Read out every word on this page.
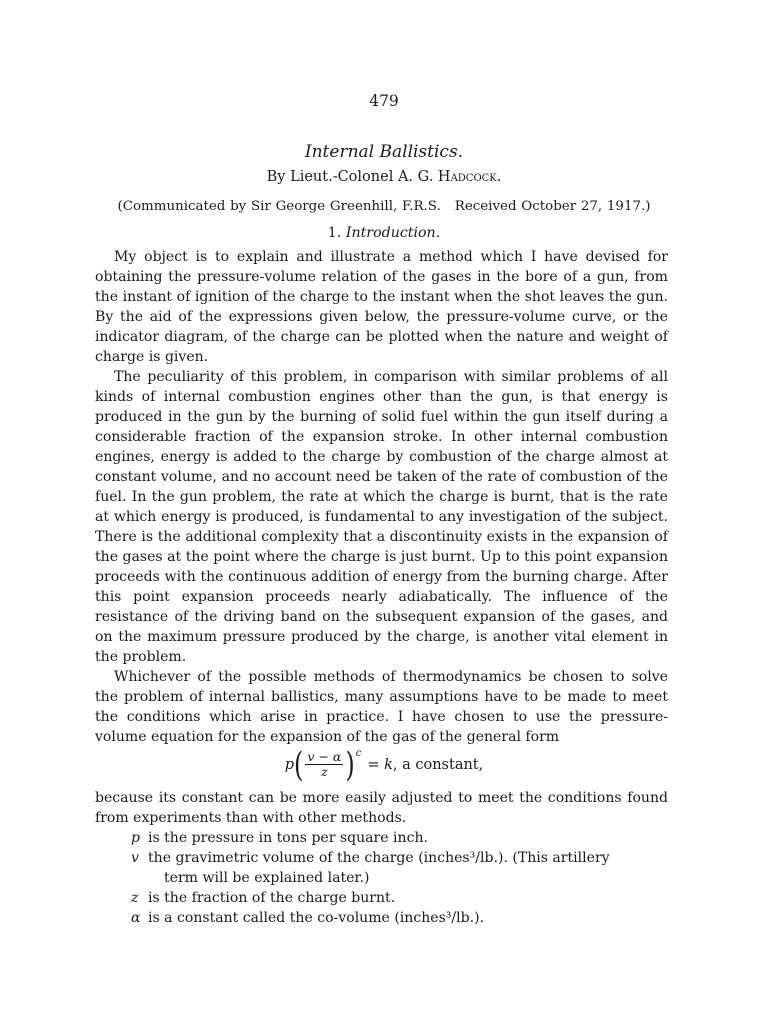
479
Internal Ballistics.
By Lieut.-Colonel A. G. Hadcock.
(Communicated by Sir George Greenhill, F.R.S. Received October 27, 1917.)
1. Introduction.

My object is to explain and illustrate a method which I have devised for obtaining the pressure-volume relation of the gases in the bore of a gun, from the instant of ignition of the charge to the instant when the shot leaves the gun. By the aid of the expressions given below, the pressure-volume curve, or the indicator diagram, of the charge can be plotted when the nature and weight of charge is given.

The peculiarity of this problem, in comparison with similar problems of all kinds of internal combustion engines other than the gun, is that energy is produced in the gun by the burning of solid fuel within the gun itself during a considerable fraction of the expansion stroke. In other internal combustion engines, energy is added to the charge by combustion of the charge almost at constant volume, and no account need be taken of the rate of combustion of the fuel. In the gun problem, the rate at which the charge is burnt, that is the rate at which energy is produced, is fundamental to any investigation of the subject. There is the additional complexity that a discontinuity exists in the expansion of the gases at the point where the charge is just burnt. Up to this point expansion proceeds with the continuous addition of energy from the burning charge. After this point expansion proceeds nearly adiabatically. The influence of the resistance of the driving band on the subsequent expansion of the gases, and on the maximum pressure produced by the charge, is another vital element in the problem.

Whichever of the possible methods of thermodynamics be chosen to solve the problem of internal ballistics, many assumptions have to be made to meet the conditions which arise in practice. I have chosen to use the pressure-volume equation for the expansion of the gas of the general form

p ( $\frac{v - \alpha}{z}$ ) c
= k, a constant,

because its constant can be more easily adjusted to meet the conditions found from experiments than with other methods.

p is the pressure in tons per square inch.
v the gravimetric volume of the charge (inches³/lb.). (This artillery
term will be explained later.)
z is the fraction of the charge burnt.
α is a constant called the co-volume (inches³/lb.).
